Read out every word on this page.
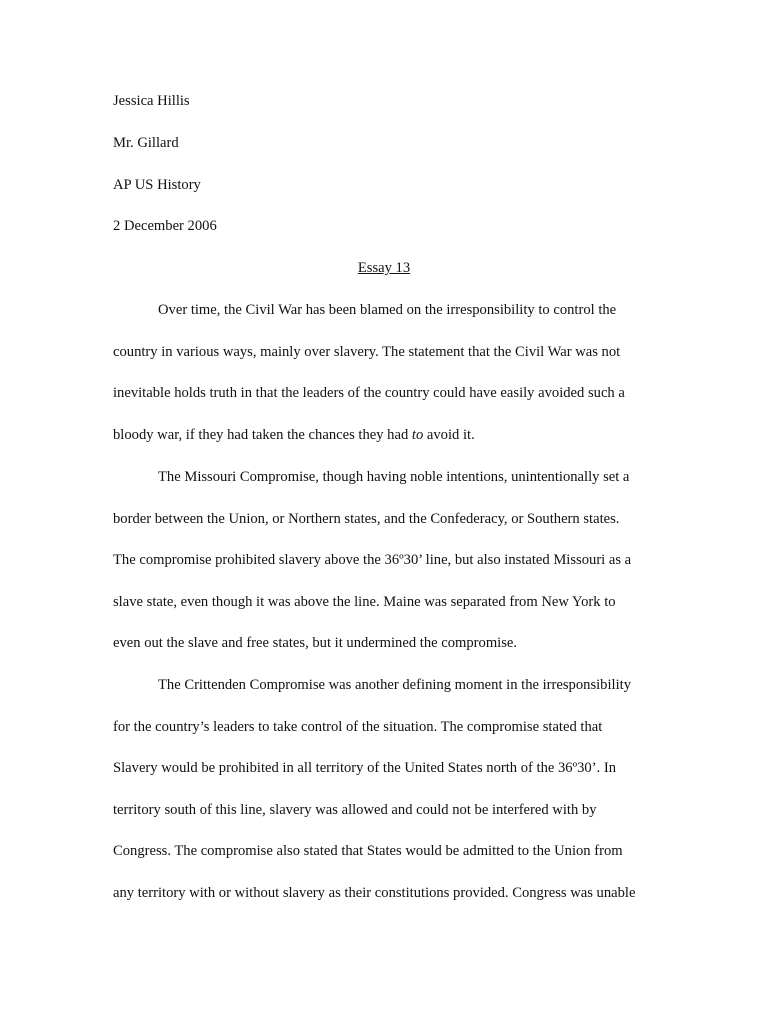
Jessica Hillis
Mr. Gillard
AP US History
2 December 2006
Essay 13
Over time, the Civil War has been blamed on the irresponsibility to control the
country in various ways, mainly over slavery. The statement that the Civil War was not
inevitable holds truth in that the leaders of the country could have easily avoided such a
bloody war, if they had taken the chances they had to avoid it.
The Missouri Compromise, though having noble intentions, unintentionally set a
border between the Union, or Northern states, and the Confederacy, or Southern states.
The compromise prohibited slavery above the 36º30’ line, but also instated Missouri as a
slave state, even though it was above the line. Maine was separated from New York to
even out the slave and free states, but it undermined the compromise.
The Crittenden Compromise was another defining moment in the irresponsibility
for the country’s leaders to take control of the situation. The compromise stated that
Slavery would be prohibited in all territory of the United States north of the 36º30’. In
territory south of this line, slavery was allowed and could not be interfered with by
Congress. The compromise also stated that States would be admitted to the Union from
any territory with or without slavery as their constitutions provided. Congress was unable
